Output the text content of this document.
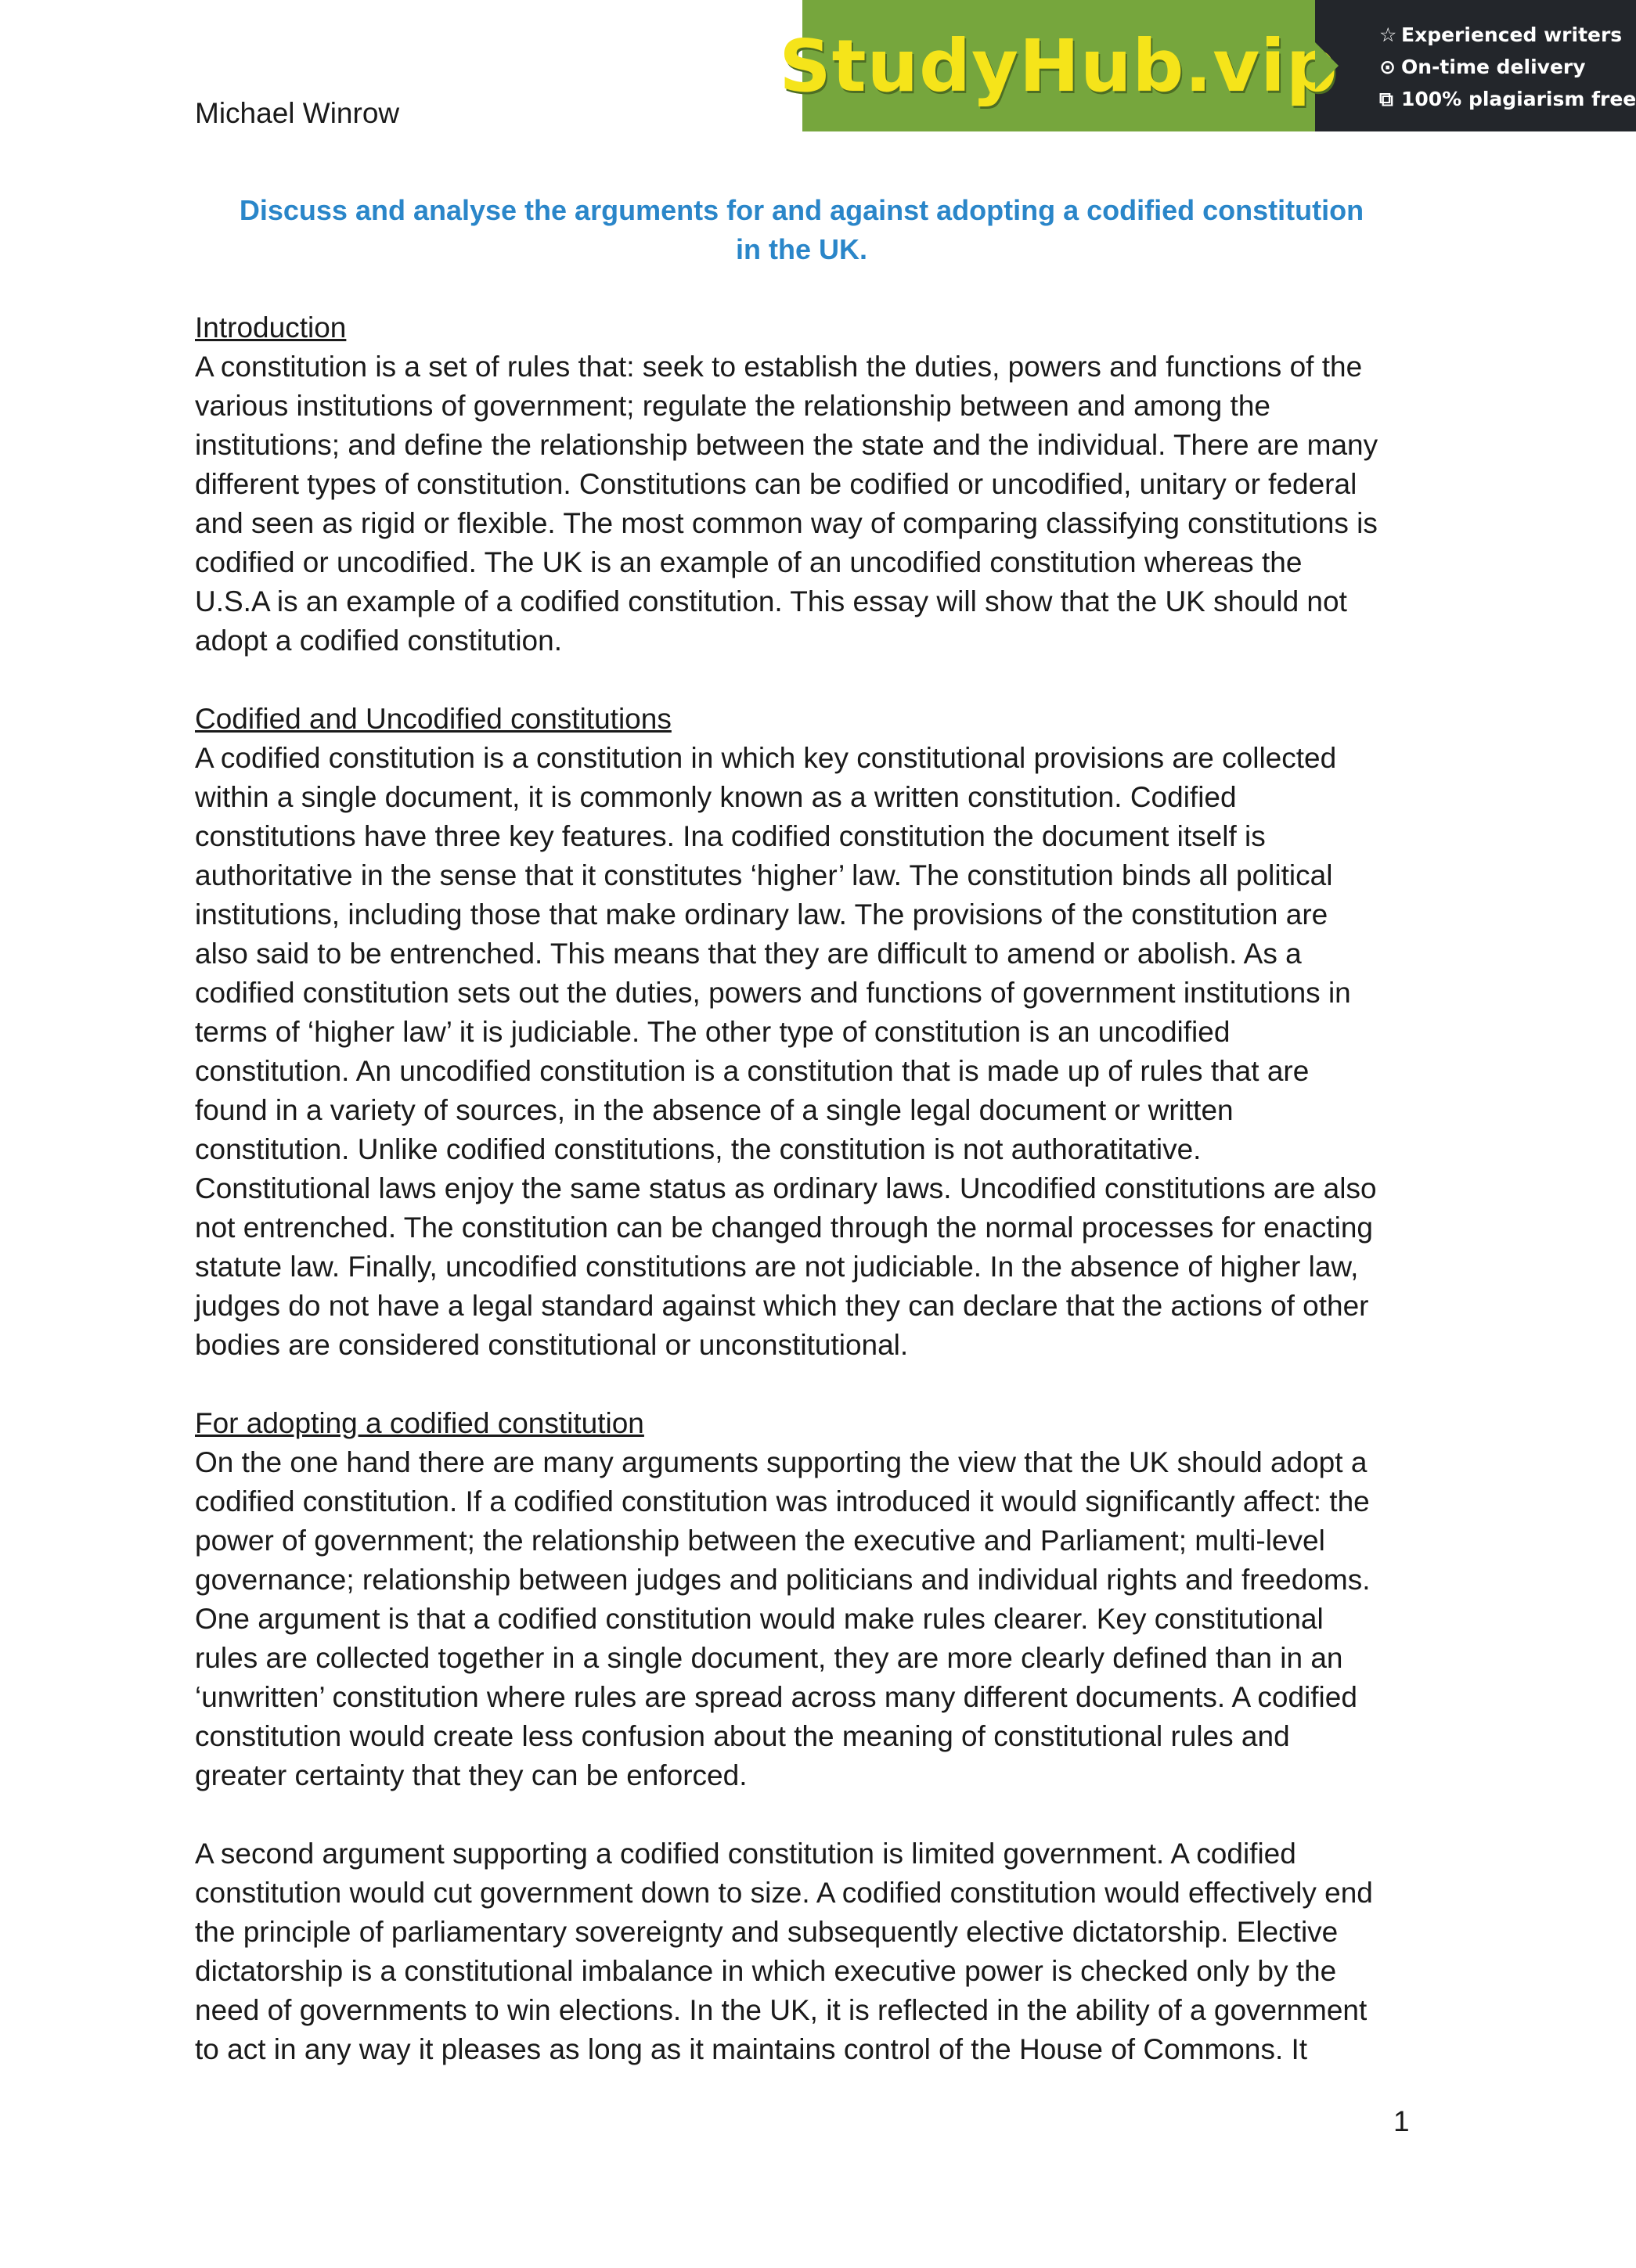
Michael Winrow
StudyHub.vip ☆ Experienced writers
⊙ On-time delivery
⧉ 100% plagiarism free
Discuss and analyse the arguments for and against adopting a codified constitution
in the UK.
Introduction
A constitution is a set of rules that: seek to establish the duties, powers and functions of the
various institutions of government; regulate the relationship between and among the
institutions; and define the relationship between the state and the individual. There are many
different types of constitution. Constitutions can be codified or uncodified, unitary or federal
and seen as rigid or flexible. The most common way of comparing classifying constitutions is
codified or uncodified. The UK is an example of an uncodified constitution whereas the
U.S.A is an example of a codified constitution. This essay will show that the UK should not
adopt a codified constitution.
Codified and Uncodified constitutions
A codified constitution is a constitution in which key constitutional provisions are collected
within a single document, it is commonly known as a written constitution. Codified
constitutions have three key features. Ina codified constitution the document itself is
authoritative in the sense that it constitutes ‘higher’ law. The constitution binds all political
institutions, including those that make ordinary law. The provisions of the constitution are
also said to be entrenched. This means that they are difficult to amend or abolish. As a
codified constitution sets out the duties, powers and functions of government institutions in
terms of ‘higher law’ it is judiciable. The other type of constitution is an uncodified
constitution. An uncodified constitution is a constitution that is made up of rules that are
found in a variety of sources, in the absence of a single legal document or written
constitution. Unlike codified constitutions, the constitution is not authoratitative.
Constitutional laws enjoy the same status as ordinary laws. Uncodified constitutions are also
not entrenched. The constitution can be changed through the normal processes for enacting
statute law. Finally, uncodified constitutions are not judiciable. In the absence of higher law,
judges do not have a legal standard against which they can declare that the actions of other
bodies are considered constitutional or unconstitutional.
For adopting a codified constitution
On the one hand there are many arguments supporting the view that the UK should adopt a
codified constitution. If a codified constitution was introduced it would significantly affect: the
power of government; the relationship between the executive and Parliament; multi-level
governance; relationship between judges and politicians and individual rights and freedoms.
One argument is that a codified constitution would make rules clearer. Key constitutional
rules are collected together in a single document, they are more clearly defined than in an
‘unwritten’ constitution where rules are spread across many different documents. A codified
constitution would create less confusion about the meaning of constitutional rules and
greater certainty that they can be enforced.
A second argument supporting a codified constitution is limited government. A codified
constitution would cut government down to size. A codified constitution would effectively end
the principle of parliamentary sovereignty and subsequently elective dictatorship. Elective
dictatorship is a constitutional imbalance in which executive power is checked only by the
need of governments to win elections. In the UK, it is reflected in the ability of a government
to act in any way it pleases as long as it maintains control of the House of Commons. It
1
